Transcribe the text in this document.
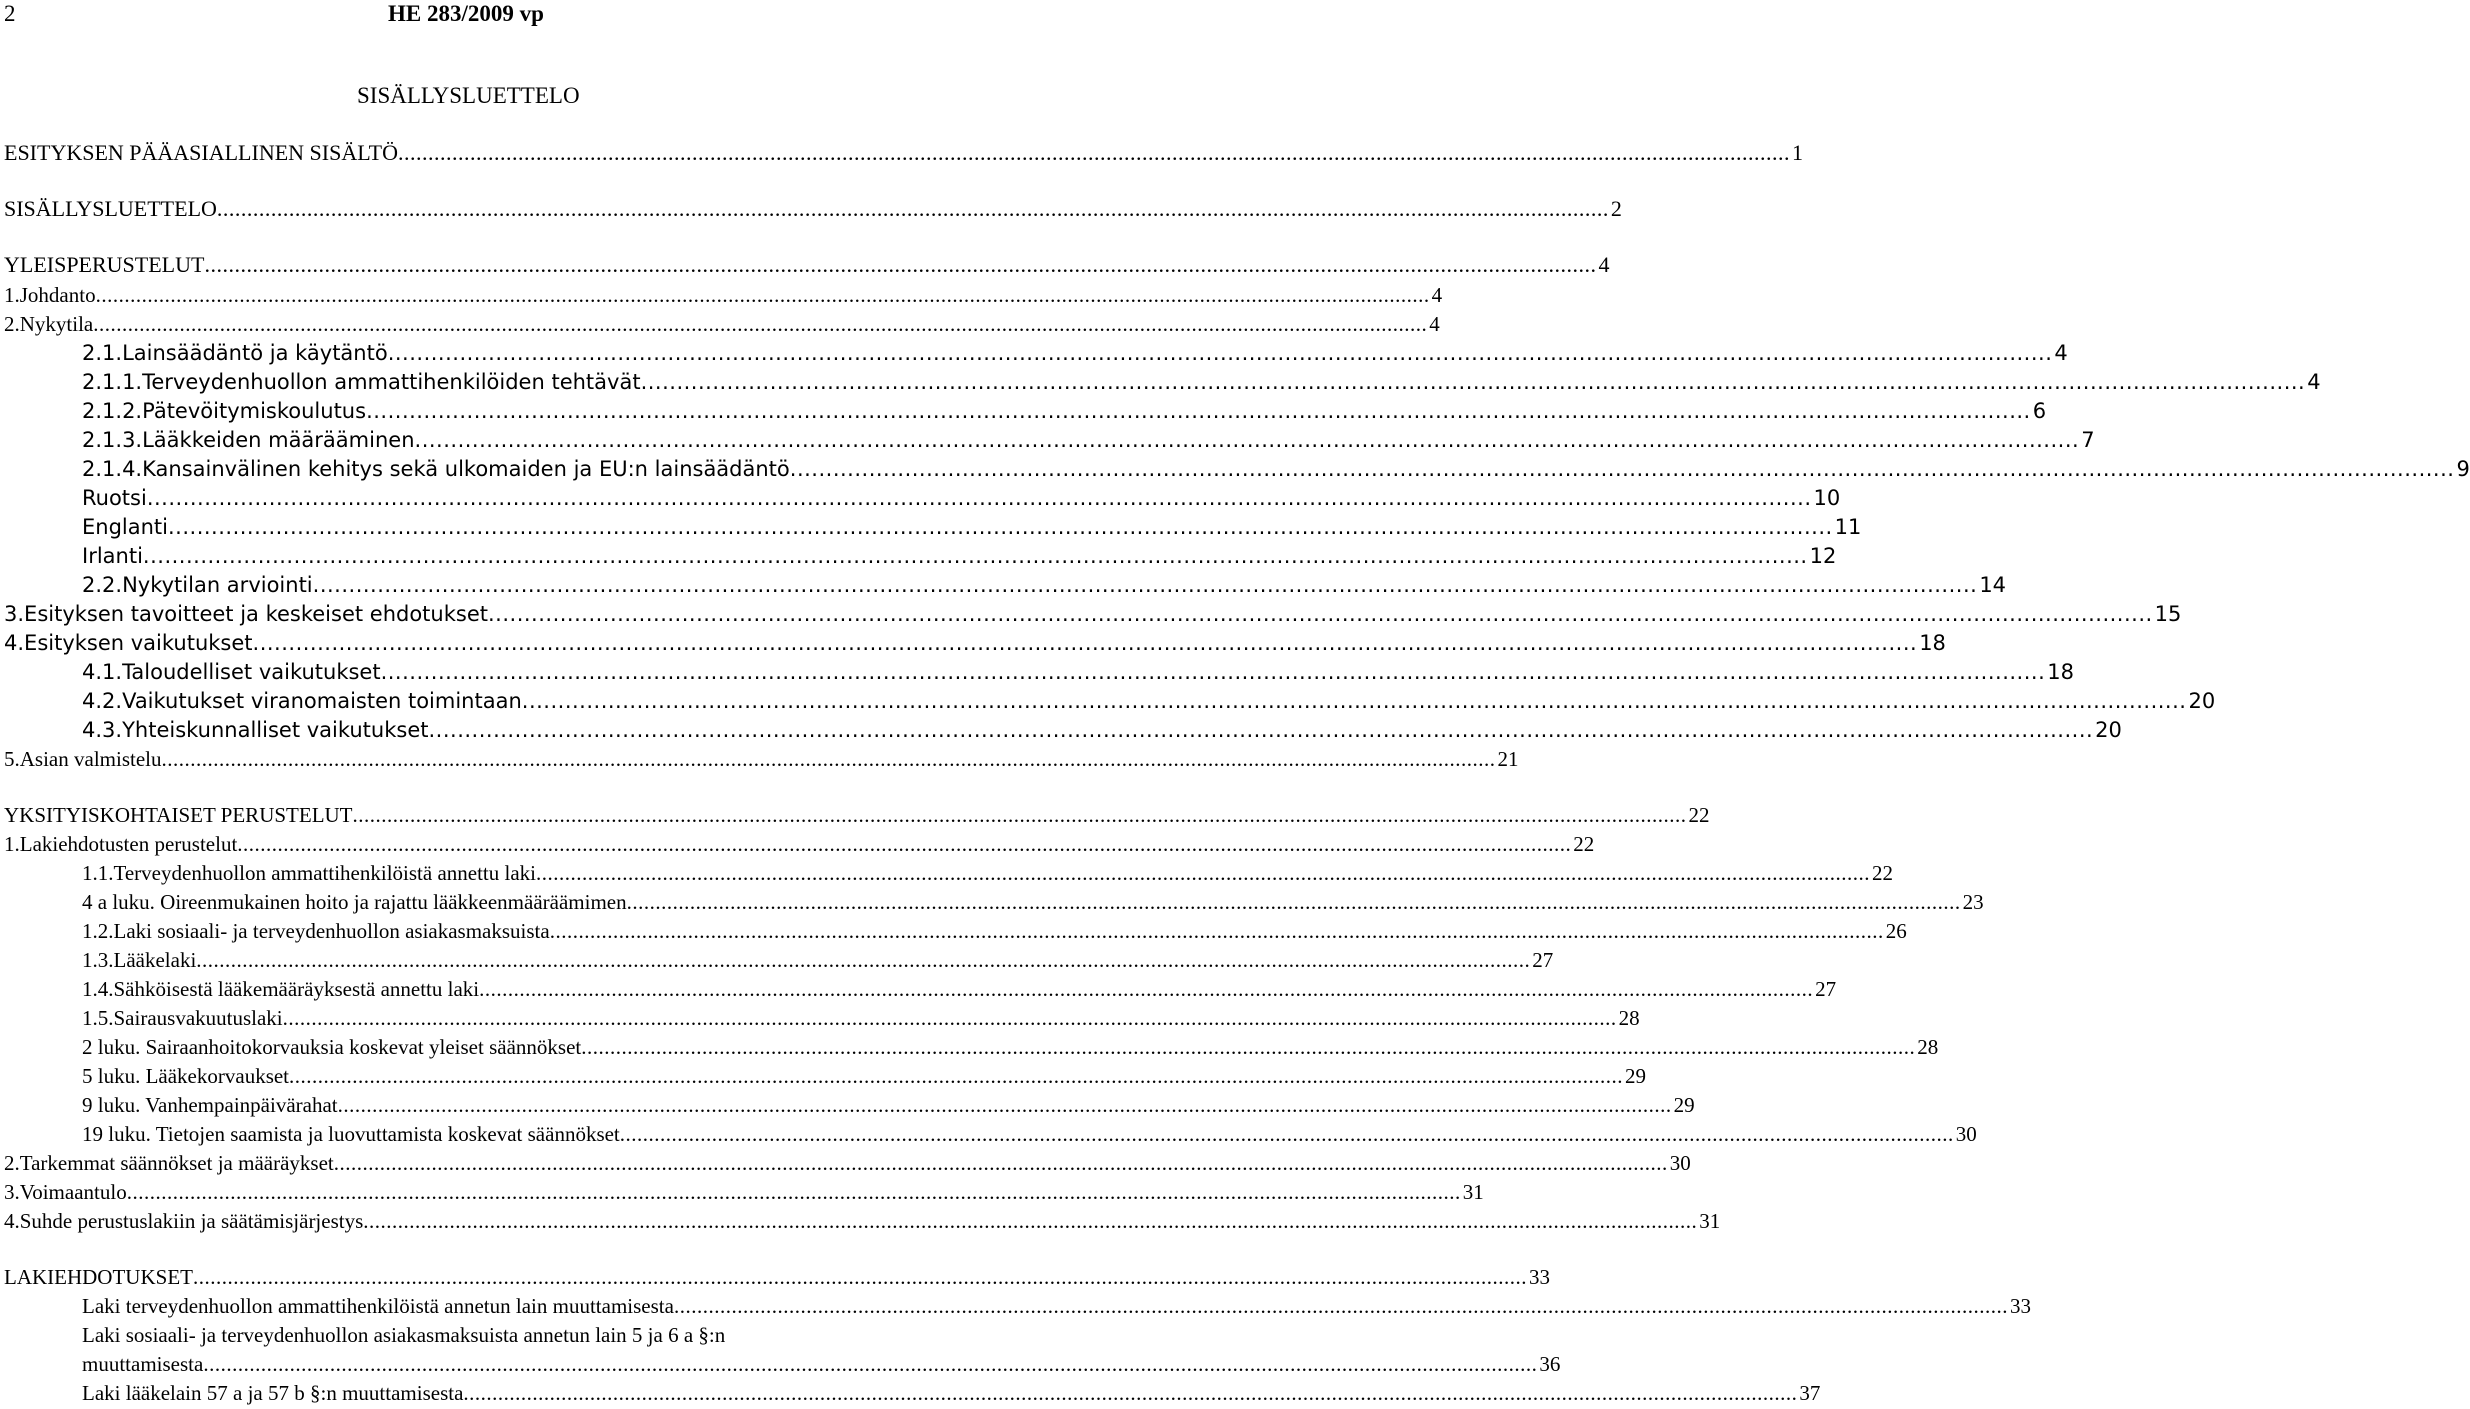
2	HE 283/2009 vp
SISÄLLYSLUETTELO
ESITYKSEN PÄÄASIALLINEN SISÄLTÖ .....	1
SISÄLLYSLUETTELO .....	2
YLEISPERUSTELUT .....	4
1. Johdanto .....	4
2. Nykytila .....	4
2.1. Lainsäädäntö ja käytäntö .....	4
2.1.1. Terveydenhuollon ammattihenkilöiden tehtävät .....	4
2.1.2. Pätevöitymiskoulutus .....	6
2.1.3. Lääkkeiden määrääminen .....	7
2.1.4. Kansainvälinen kehitys sekä ulkomaiden ja EU:n lainsäädäntö .....	9
Ruotsi .....	10
Englanti .....	11
Irlanti .....	12
2.2. Nykytilan arviointi .....	14
3. Esityksen tavoitteet ja keskeiset ehdotukset .....	15
4. Esityksen vaikutukset .....	18
4.1. Taloudelliset vaikutukset .....	18
4.2. Vaikutukset viranomaisten toimintaan .....	20
4.3. Yhteiskunnalliset vaikutukset .....	20
5. Asian valmistelu .....	21
YKSITYISKOHTAISET PERUSTELUT .....	22
1. Lakiehdotusten perustelut .....	22
1.1. Terveydenhuollon ammattihenkilöistä annettu laki .....	22
4 a luku. Oireenmukainen hoito ja rajattu lääkkeenmääräämimen .....	23
1.2. Laki sosiaali- ja terveydenhuollon asiakasmaksuista .....	26
1.3. Lääkelaki .....	27
1.4. Sähköisestä lääkemääräyksestä annettu laki .....	27
1.5. Sairausvakuutuslaki .....	28
2 luku. Sairaanhoitokorvauksia koskevat yleiset säännökset .....	28
5 luku. Lääkekorvaukset .....	29
9 luku. Vanhempainpäivärahat .....	29
19 luku. Tietojen saamista ja luovuttamista koskevat säännökset .....	30
2. Tarkemmat säännökset ja määräykset .....	30
3. Voimaantulo .....	31
4. Suhde perustuslakiin ja säätämisjärjestys .....	31
LAKIEHDOTUKSET .....	33
Laki terveydenhuollon ammattihenkilöistä annetun lain muuttamisesta .....	33
Laki sosiaali- ja terveydenhuollon asiakasmaksuista annetun lain 5 ja 6 a §:n
muuttamisesta .....	36
Laki lääkelain 57 a ja 57 b §:n muuttamisesta .....	37
